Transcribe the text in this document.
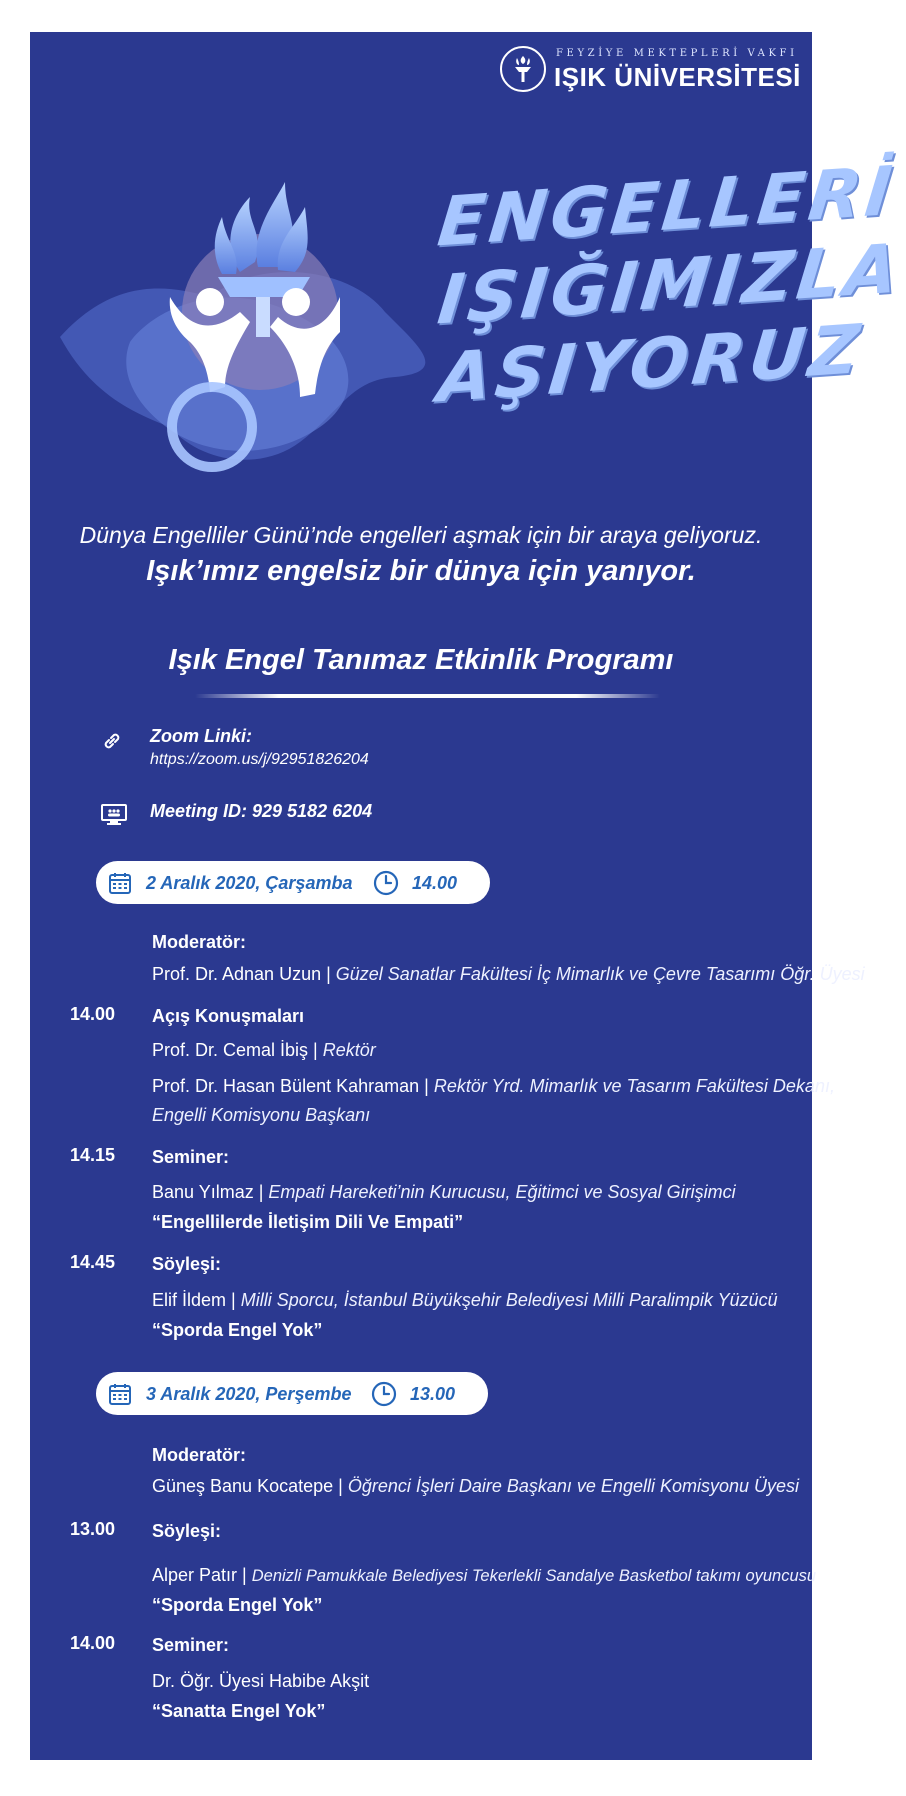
FEYZİYE MEKTEPLERİ VAKFI
IŞIK ÜNİVERSİTESİ
ENGELLERİ
IŞIĞIMIZLA
AŞIYORUZ
Dünya Engelliler Günü’nde engelleri aşmak için bir araya geliyoruz.
Işık’ımız engelsiz bir dünya için yanıyor.
Işık Engel Tanımaz Etkinlik Programı
Zoom Linki:
https://zoom.us/j/92951826204
Meeting ID: 929 5182 6204
2 Aralık 2020, Çarşamba	14.00
Moderatör:
Prof. Dr. Adnan Uzun | Güzel Sanatlar Fakültesi İç Mimarlık ve Çevre Tasarımı Öğr. Üyesi
14.00 Açış Konuşmaları
Prof. Dr. Cemal İbiş | Rektör
Prof. Dr. Hasan Bülent Kahraman | Rektör Yrd. Mimarlık ve Tasarım Fakültesi Dekanı,
Engelli Komisyonu Başkanı
14.15 Seminer:
Banu Yılmaz | Empati Hareketi’nin Kurucusu, Eğitimci ve Sosyal Girişimci
“Engellilerde İletişim Dili Ve Empati”
14.45 Söyleşi:
Elif İldem | Milli Sporcu, İstanbul Büyükşehir Belediyesi Milli Paralimpik Yüzücü
“Sporda Engel Yok”
3 Aralık 2020, Perşembe	13.00
Moderatör:
Güneş Banu Kocatepe | Öğrenci İşleri Daire Başkanı ve Engelli Komisyonu Üyesi
13.00 Söyleşi:
Alper Patır | Denizli Pamukkale Belediyesi Tekerlekli Sandalye Basketbol takımı oyuncusu
“Sporda Engel Yok”
14.00 Seminer:
Dr. Öğr. Üyesi Habibe Akşit
“Sanatta Engel Yok”
